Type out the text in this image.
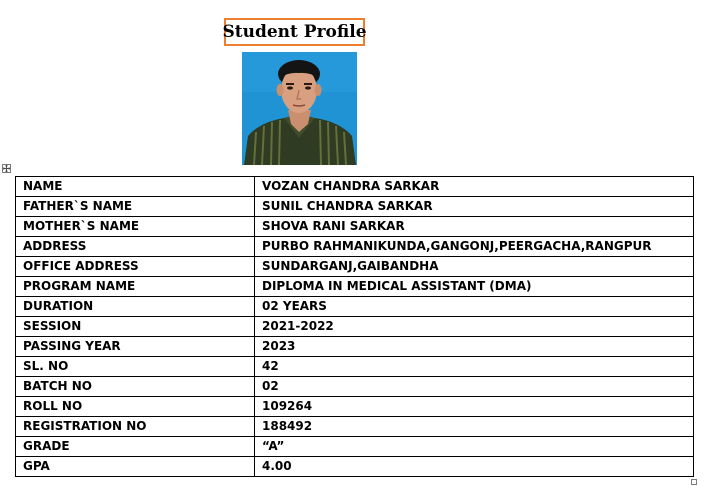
Student Profile
NAME	VOZAN CHANDRA SARKAR
FATHER`S NAME	SUNIL CHANDRA SARKAR
MOTHER`S NAME	SHOVA RANI SARKAR
ADDRESS	PURBO RAHMANIKUNDA,GANGONJ,PEERGACHA,RANGPUR
OFFICE ADDRESS	SUNDARGANJ,GAIBANDHA
PROGRAM NAME	DIPLOMA IN MEDICAL ASSISTANT (DMA)
DURATION	02 YEARS
SESSION	2021-2022
PASSING YEAR	2023
SL. NO	42
BATCH NO	02
ROLL NO	109264
REGISTRATION NO	188492
GRADE	“A”
GPA	4.00
